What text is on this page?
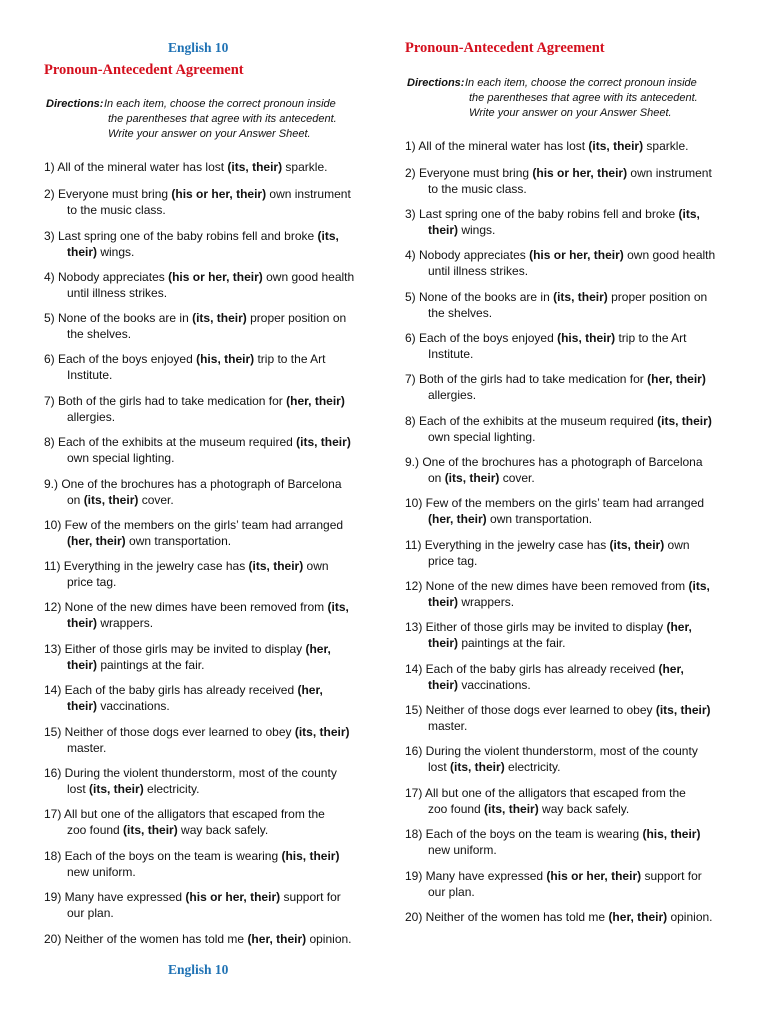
English 10
Pronoun-Antecedent Agreement
Directions: In each item, choose the correct pronoun inside
the parentheses that agree with its antecedent.
Write your answer on your Answer Sheet.
1) All of the mineral water has lost (its, their) sparkle.
2) Everyone must bring (his or her, their) own instrument
to the music class.
3) Last spring one of the baby robins fell and broke (its,
their) wings.
4) Nobody appreciates (his or her, their) own good health
until illness strikes.
5) None of the books are in (its, their) proper position on
the shelves.
6) Each of the boys enjoyed (his, their) trip to the Art
Institute.
7) Both of the girls had to take medication for (her, their)
allergies.
8) Each of the exhibits at the museum required (its, their)
own special lighting.
9.) One of the brochures has a photograph of Barcelona
on (its, their) cover.
10) Few of the members on the girls’ team had arranged
(her, their) own transportation.
11) Everything in the jewelry case has (its, their) own
price tag.
12) None of the new dimes have been removed from (its,
their) wrappers.
13) Either of those girls may be invited to display (her,
their) paintings at the fair.
14) Each of the baby girls has already received (her,
their) vaccinations.
15) Neither of those dogs ever learned to obey (its, their)
master.
16) During the violent thunderstorm, most of the county
lost (its, their) electricity.
17) All but one of the alligators that escaped from the
zoo found (its, their) way back safely.
18) Each of the boys on the team is wearing (his, their)
new uniform.
19) Many have expressed (his or her, their) support for
our plan.
20) Neither of the women has told me (her, their) opinion.
English 10
Pronoun-Antecedent Agreement
Directions: In each item, choose the correct pronoun inside
the parentheses that agree with its antecedent.
Write your answer on your Answer Sheet.
1) All of the mineral water has lost (its, their) sparkle.
2) Everyone must bring (his or her, their) own instrument
to the music class.
3) Last spring one of the baby robins fell and broke (its,
their) wings.
4) Nobody appreciates (his or her, their) own good health
until illness strikes.
5) None of the books are in (its, their) proper position on
the shelves.
6) Each of the boys enjoyed (his, their) trip to the Art
Institute.
7) Both of the girls had to take medication for (her, their)
allergies.
8) Each of the exhibits at the museum required (its, their)
own special lighting.
9.) One of the brochures has a photograph of Barcelona
on (its, their) cover.
10) Few of the members on the girls’ team had arranged
(her, their) own transportation.
11) Everything in the jewelry case has (its, their) own
price tag.
12) None of the new dimes have been removed from (its,
their) wrappers.
13) Either of those girls may be invited to display (her,
their) paintings at the fair.
14) Each of the baby girls has already received (her,
their) vaccinations.
15) Neither of those dogs ever learned to obey (its, their)
master.
16) During the violent thunderstorm, most of the county
lost (its, their) electricity.
17) All but one of the alligators that escaped from the
zoo found (its, their) way back safely.
18) Each of the boys on the team is wearing (his, their)
new uniform.
19) Many have expressed (his or her, their) support for
our plan.
20) Neither of the women has told me (her, their) opinion.
